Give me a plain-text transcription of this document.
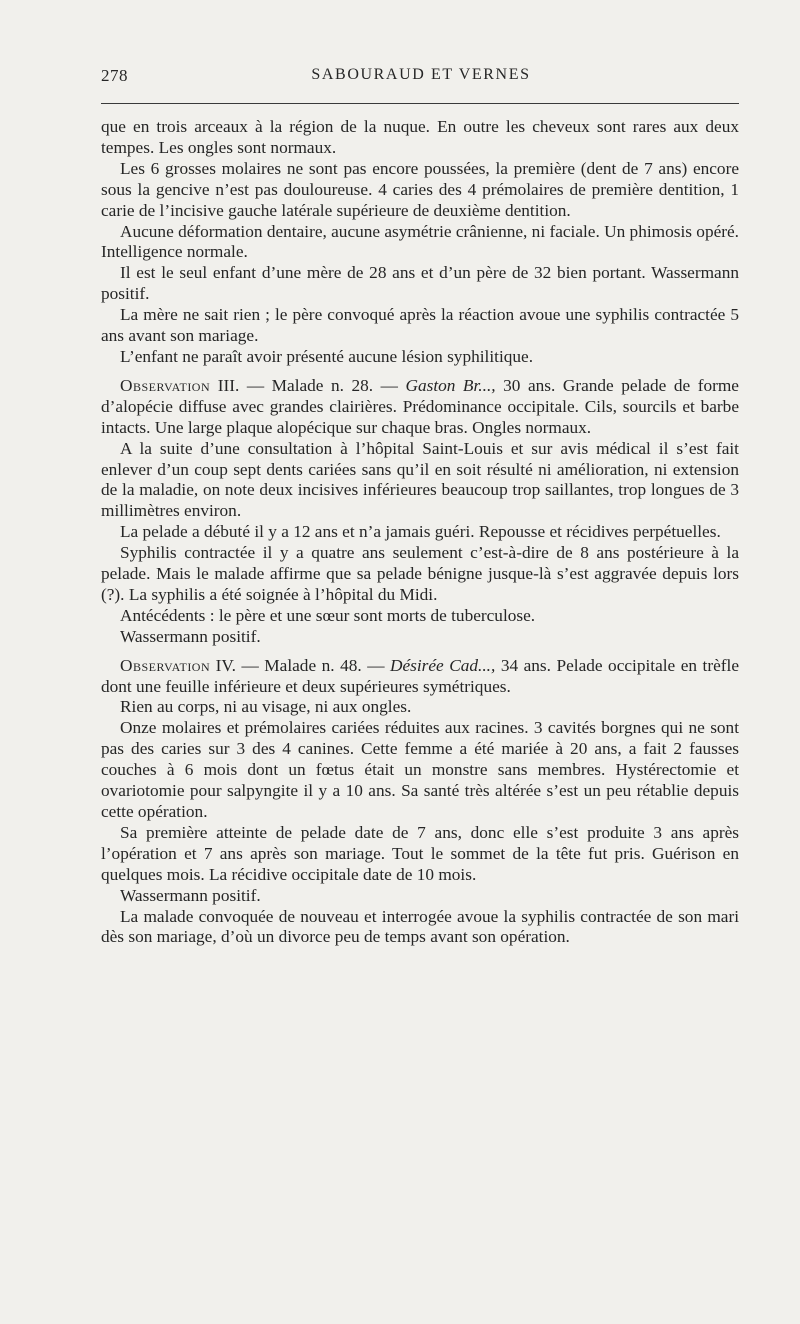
278	SABOURAUD ET VERNES

que en trois arceaux à la région de la nuque. En outre les cheveux sont rares aux deux tempes. Les ongles sont normaux.

Les 6 grosses molaires ne sont pas encore poussées, la première (dent de 7 ans) encore sous la gencive n’est pas douloureuse. 4 caries des 4 prémolaires de première dentition, 1 carie de l’incisive gauche latérale supérieure de deuxième dentition.

Aucune déformation dentaire, aucune asymétrie crânienne, ni faciale. Un phimosis opéré. Intelligence normale.

Il est le seul enfant d’une mère de 28 ans et d’un père de 32 bien portant. Wassermann positif.

La mère ne sait rien ; le père convoqué après la réaction avoue une syphilis contractée 5 ans avant son mariage.

L’enfant ne paraît avoir présenté aucune lésion syphilitique.

Observation III. — Malade n. 28. — Gaston Br..., 30 ans. Grande pelade de forme d’alopécie diffuse avec grandes clairières. Prédominance occipitale. Cils, sourcils et barbe intacts. Une large plaque alopécique sur chaque bras. Ongles normaux.

A la suite d’une consultation à l’hôpital Saint-Louis et sur avis médical il s’est fait enlever d’un coup sept dents cariées sans qu’il en soit résulté ni amélioration, ni extension de la maladie, on note deux incisives inférieures beaucoup trop saillantes, trop longues de 3 millimètres environ.

La pelade a débuté il y a 12 ans et n’a jamais guéri. Repousse et récidives perpétuelles.

Syphilis contractée il y a quatre ans seulement c’est-à-dire de 8 ans postérieure à la pelade. Mais le malade affirme que sa pelade bénigne jusque-là s’est aggravée depuis lors (?). La syphilis a été soignée à l’hôpital du Midi.

Antécédents : le père et une sœur sont morts de tuberculose.

Wassermann positif.

Observation IV. — Malade n. 48. — Désirée Cad..., 34 ans. Pelade occipitale en trèfle dont une feuille inférieure et deux supérieures symétriques.

Rien au corps, ni au visage, ni aux ongles.

Onze molaires et prémolaires cariées réduites aux racines. 3 cavités borgnes qui ne sont pas des caries sur 3 des 4 canines. Cette femme a été mariée à 20 ans, a fait 2 fausses couches à 6 mois dont un fœtus était un monstre sans membres. Hystérectomie et ovariotomie pour salpyngite il y a 10 ans. Sa santé très altérée s’est un peu rétablie depuis cette opération.

Sa première atteinte de pelade date de 7 ans, donc elle s’est produite 3 ans après l’opération et 7 ans après son mariage. Tout le sommet de la tête fut pris. Guérison en quelques mois. La récidive occipitale date de 10 mois.

Wassermann positif.

La malade convoquée de nouveau et interrogée avoue la syphilis contractée de son mari dès son mariage, d’où un divorce peu de temps avant son opération.
